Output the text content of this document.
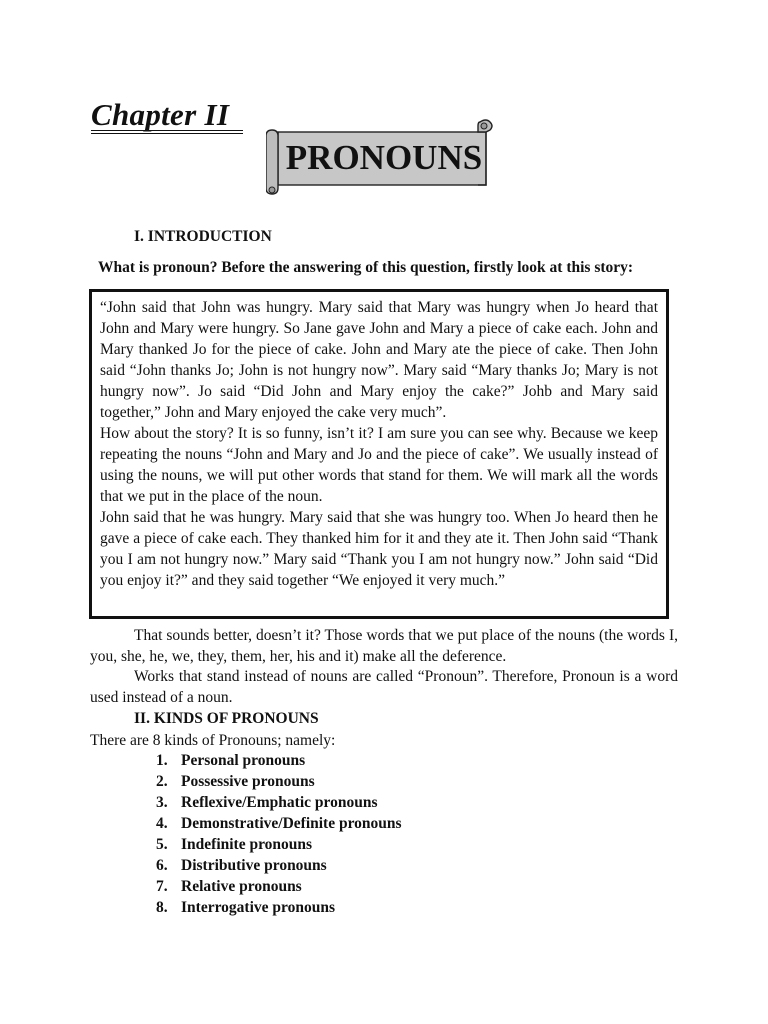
Chapter II
PRONOUNS
I. INTRODUCTION

What is pronoun? Before the answering of this question, firstly look at this story:

“John said that John was hungry. Mary said that Mary was hungry when Jo heard that John and Mary were hungry. So Jane gave John and Mary a piece of cake each. John and Mary thanked Jo for the piece of cake. John and Mary ate the piece of cake. Then John said “John thanks Jo; John is not hungry now”. Mary said “Mary thanks Jo; Mary is not hungry now”. Jo said “Did John and Mary enjoy the cake?” Johb and Mary said together,” John and Mary enjoyed the cake very much”.

How about the story? It is so funny, isn’t it? I am sure you can see why. Because we keep repeating the nouns “John and Mary and Jo and the piece of cake”. We usually instead of using the nouns, we will put other words that stand for them. We will mark all the words that we put in the place of the noun.

John said that he was hungry. Mary said that she was hungry too. When Jo heard then he gave a piece of cake each. They thanked him for it and they ate it. Then John said “Thank you I am not hungry now.” Mary said “Thank you I am not hungry now.” John said “Did you enjoy it?” and they said together “We enjoyed it very much.”

That sounds better, doesn’t it? Those words that we put place of the nouns (the words I, you, she, he, we, they, them, her, his and it) make all the deference.

Works that stand instead of nouns are called “Pronoun”. Therefore, Pronoun is a word used instead of a noun.

II. KINDS OF PRONOUNS

There are 8 kinds of Pronouns; namely:

1. Personal pronouns
2. Possessive pronouns
3. Reflexive/Emphatic pronouns
4. Demonstrative/Definite pronouns
5. Indefinite pronouns
6. Distributive pronouns
7. Relative pronouns
8. Interrogative pronouns
